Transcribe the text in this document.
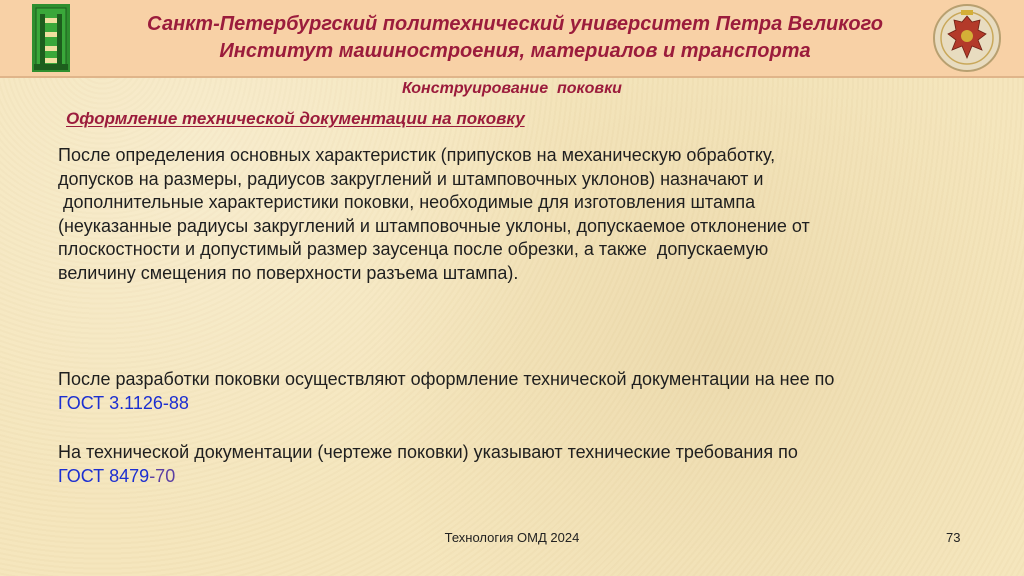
Санкт-Петербургский политехнический университет Петра Великого
Институт машиностроения, материалов и транспорта
Конструирование  поковки
Оформление технической документации на поковку

После определения основных характеристик (припусков на механическую обработку,
допусков на размеры, радиусов закруглений и штамповочных уклонов) назначают и
дополнительные характеристики поковки, необходимые для изготовления штампа
(неуказанные радиусы закруглений и штамповочные уклоны, допускаемое отклонение от
плоскостности и допустимый размер заусенца после обрезки, а также  допускаемую
величину смещения по поверхности разъема штампа).

После разработки поковки осуществляют оформление технической документации на нее по
ГОСТ 3.1126-88

На технической документации (чертеже поковки) указывают технические требования по
ГОСТ 8479-70

Технология ОМД 2024	73
